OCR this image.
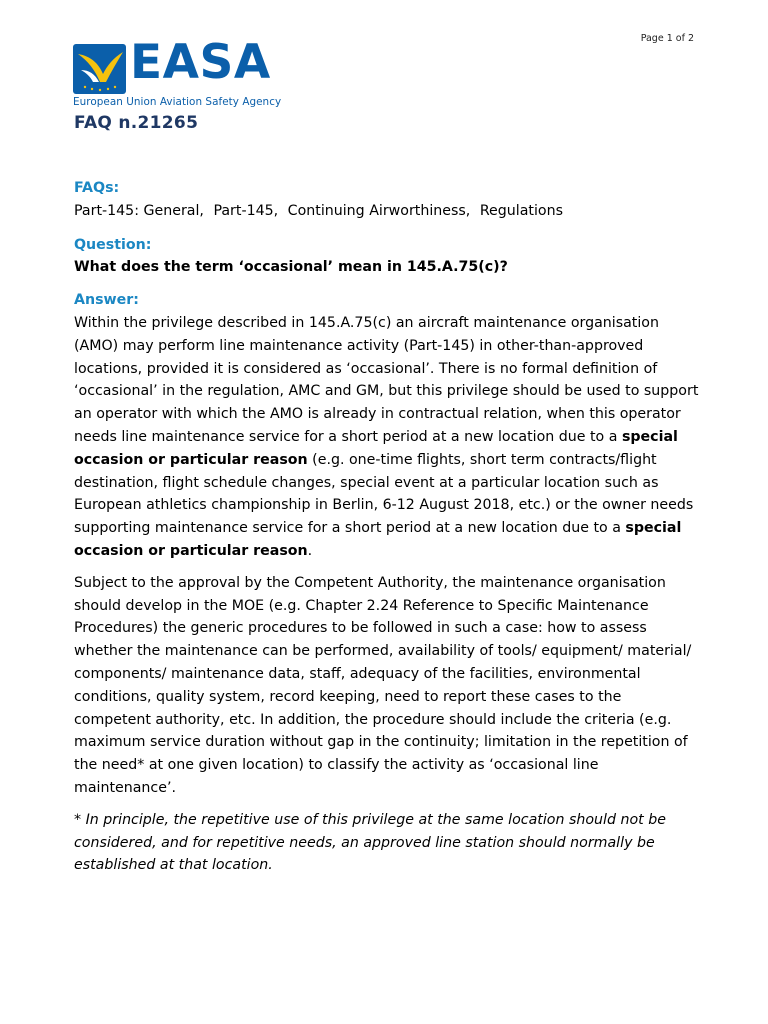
Page 1 of 2
EASA
European Union Aviation Safety Agency
FAQ n.21265

FAQs:

Part-145: General, Part-145, Continuing Airworthiness, Regulations

Question:

What does the term ‘occasional’ mean in 145.A.75(c)?

Answer:

Within the privilege described in 145.A.75(c) an aircraft maintenance organisation (AMO) may perform line maintenance activity (Part-145) in other-than-approved locations, provided it is considered as ‘occasional’. There is no formal definition of ‘occasional’ in the regulation, AMC and GM, but this privilege should be used to support an operator with which the AMO is already in contractual relation, when this operator needs line maintenance service for a short period at a new location due to a special occasion or particular reason (e.g. one-time flights, short term contracts/flight destination, flight schedule changes, special event at a particular location such as European athletics championship in Berlin, 6-12 August 2018, etc.) or the owner needs supporting maintenance service for a short period at a new location due to a special occasion or particular reason.

Subject to the approval by the Competent Authority, the maintenance organisation should develop in the MOE (e.g. Chapter 2.24 Reference to Specific Maintenance Procedures) the generic procedures to be followed in such a case: how to assess whether the maintenance can be performed, availability of tools/ equipment/ material/ components/ maintenance data, staff, adequacy of the facilities, environmental conditions, quality system, record keeping, need to report these cases to the competent authority, etc. In addition, the procedure should include the criteria (e.g. maximum service duration without gap in the continuity; limitation in the repetition of the need* at one given location) to classify the activity as ‘occasional line maintenance’.

* In principle, the repetitive use of this privilege at the same location should not be considered, and for repetitive needs, an approved line station should normally be established at that location.
